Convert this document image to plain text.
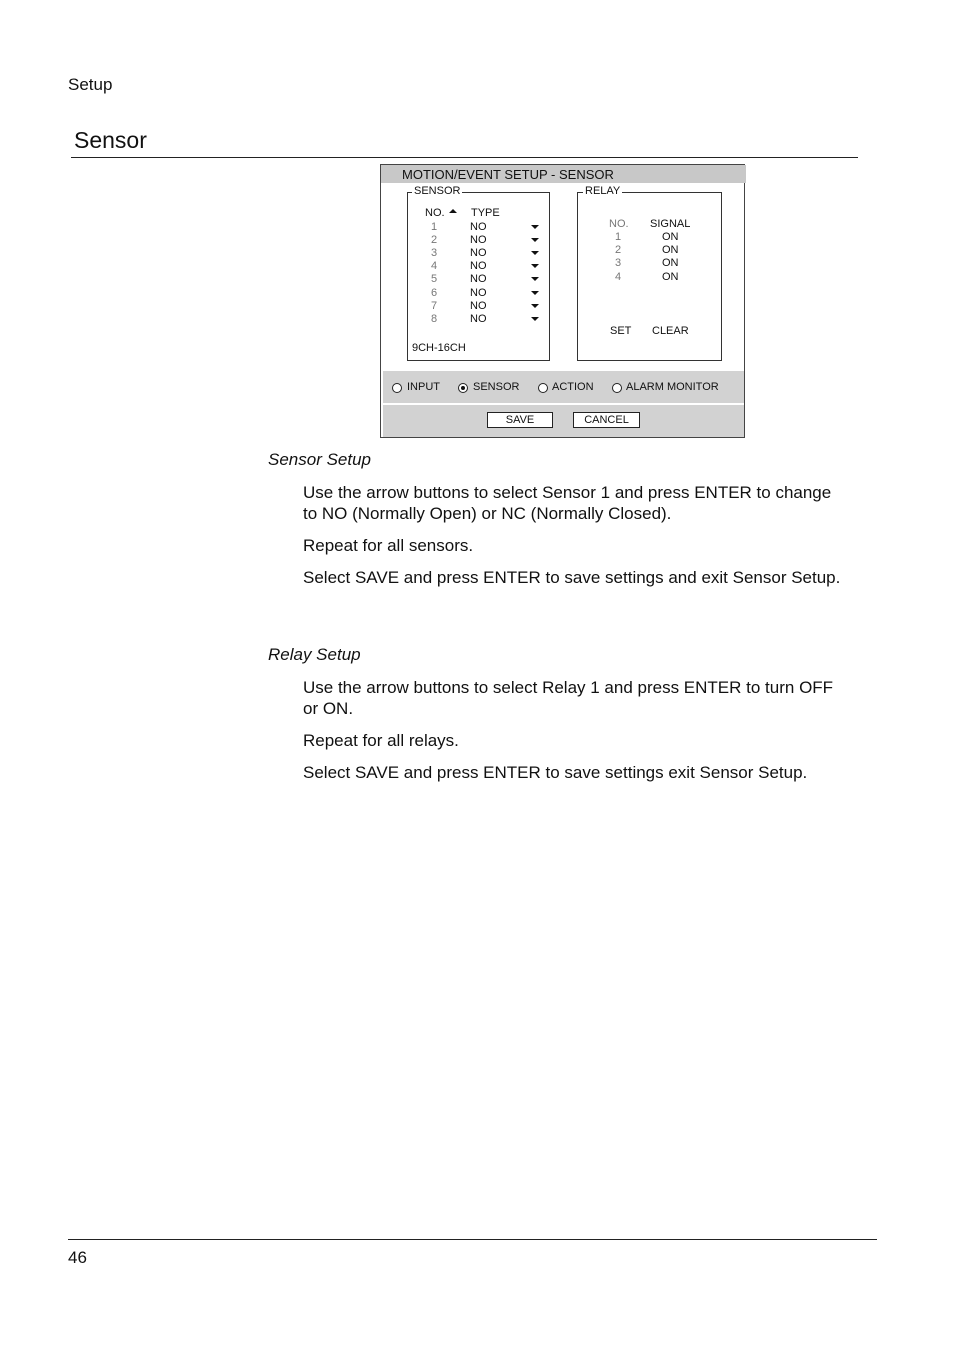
Setup
Sensor
MOTION/EVENT SETUP - SENSOR
SENSOR
NO. TYPE
1	NO
2	NO
3	NO
4	NO
5	NO
6	NO
7	NO
8	NO
9CH-16CH
RELAY
NO. SIGNAL
1	ON
2	ON
3	ON
4	ON
SET CLEAR
INPUT	SENSOR	ACTION	ALARM MONITOR
SAVE	CANCEL
Sensor Setup
Use the arrow buttons to select Sensor 1 and press ENTER to change to NO (Normally Open) or NC (Normally Closed).
Repeat for all sensors.
Select SAVE and press ENTER to save settings and exit Sensor Setup.
Relay Setup
Use the arrow buttons to select Relay 1 and press ENTER to turn OFF or ON.
Repeat for all relays.
Select SAVE and press ENTER to save settings exit Sensor Setup.
46
